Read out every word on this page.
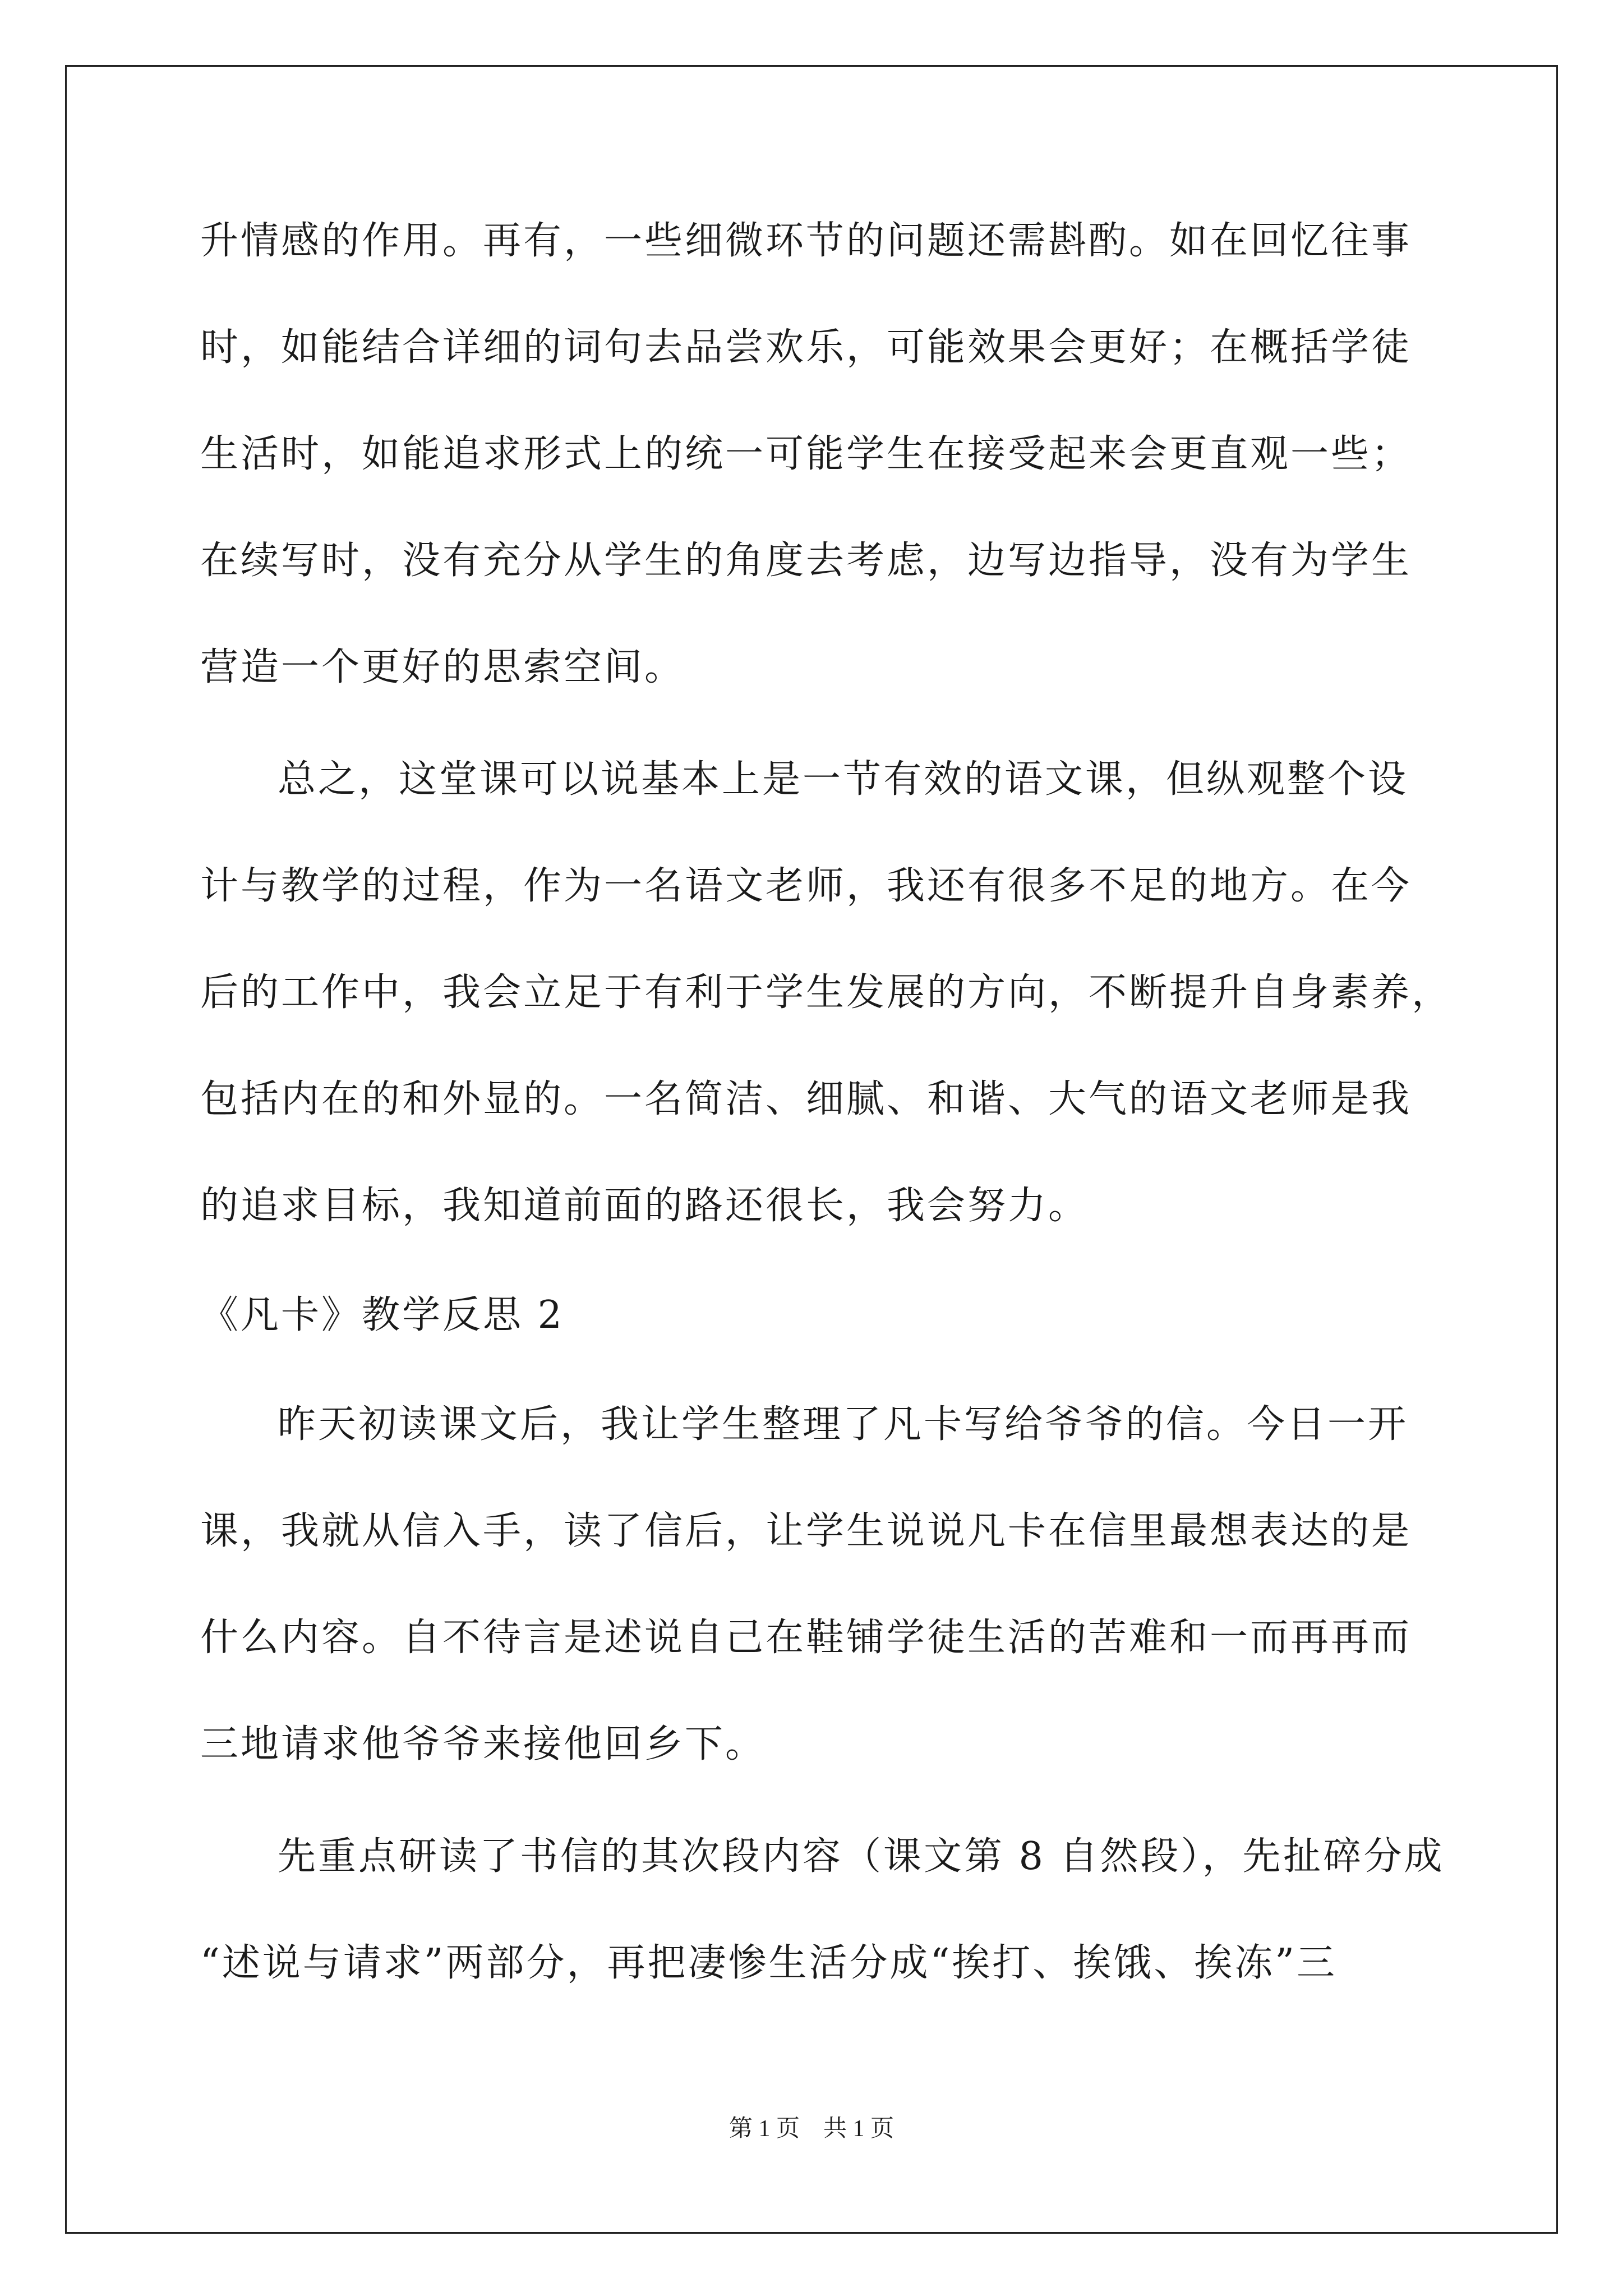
升情感的作用。再有，一些细微环节的问题还需斟酌。如在回忆往事
时，如能结合详细的词句去品尝欢乐，可能效果会更好；在概括学徒
生活时，如能追求形式上的统一可能学生在接受起来会更直观一些；
在续写时，没有充分从学生的角度去考虑，边写边指导，没有为学生
营造一个更好的思索空间。
总之，这堂课可以说基本上是一节有效的语文课，但纵观整个设
计与教学的过程，作为一名语文老师，我还有很多不足的地方。在今
后的工作中，我会立足于有利于学生发展的方向，不断提升自身素养，
包括内在的和外显的。一名简洁、细腻、和谐、大气的语文老师是我
的追求目标，我知道前面的路还很长，我会努力。
《凡卡》教学反思 2
昨天初读课文后，我让学生整理了凡卡写给爷爷的信。今日一开
课，我就从信入手，读了信后，让学生说说凡卡在信里最想表达的是
什么内容。自不待言是述说自己在鞋铺学徒生活的苦难和一而再再而
三地请求他爷爷来接他回乡下。
先重点研读了书信的其次段内容（课文第 8 自然段），先扯碎分成
“述说与请求”两部分，再把凄惨生活分成“挨打、挨饿、挨冻”三
第 1 页　共 1 页
